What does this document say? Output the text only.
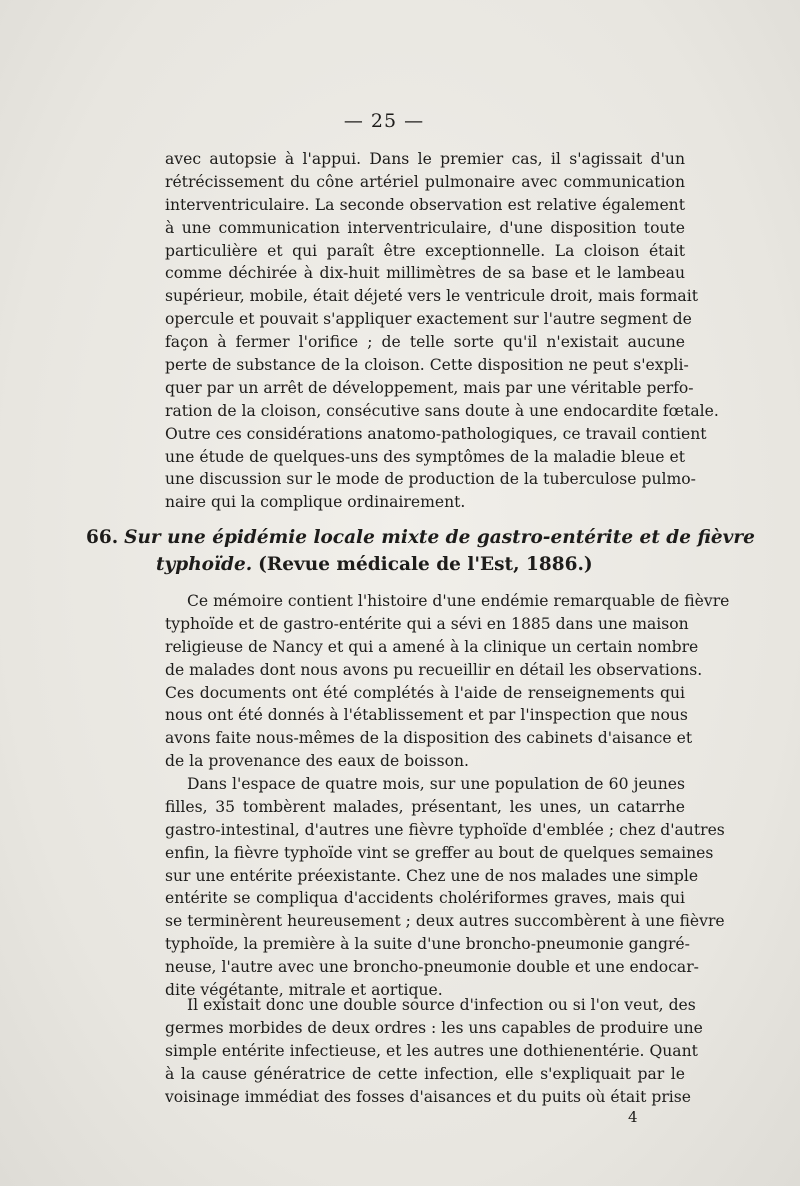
— 25 —
avec autopsie à l'appui. Dans le premier cas, il s'agissait d'un
rétrécissement du cône artériel pulmonaire avec communication
interventriculaire. La seconde observation est relative également
à une communication interventriculaire, d'une disposition toute
particulière et qui paraît être exceptionnelle. La cloison était
comme déchirée à dix-huit millimètres de sa base et le lambeau
supérieur, mobile, était déjeté vers le ventricule droit, mais formait
opercule et pouvait s'appliquer exactement sur l'autre segment de
façon à fermer l'orifice ; de telle sorte qu'il n'existait aucune
perte de substance de la cloison. Cette disposition ne peut s'expli-
quer par un arrêt de développement, mais par une véritable perfo-
ration de la cloison, consécutive sans doute à une endocardite fœtale.
Outre ces considérations anatomo-pathologiques, ce travail contient
une étude de quelques-uns des symptômes de la maladie bleue et
une discussion sur le mode de production de la tuberculose pulmo-
naire qui la complique ordinairement.
66. Sur une épidémie locale mixte de gastro-entérite et de fièvre
typhoïde. (Revue médicale de l'Est, 1886.)
Ce mémoire contient l'histoire d'une endémie remarquable de fièvre
typhoïde et de gastro-entérite qui a sévi en 1885 dans une maison
religieuse de Nancy et qui a amené à la clinique un certain nombre
de malades dont nous avons pu recueillir en détail les observations.
Ces documents ont été complétés à l'aide de renseignements qui
nous ont été donnés à l'établissement et par l'inspection que nous
avons faite nous-mêmes de la disposition des cabinets d'aisance et
de la provenance des eaux de boisson.
Dans l'espace de quatre mois, sur une population de 60 jeunes
filles, 35 tombèrent malades, présentant, les unes, un catarrhe
gastro-intestinal, d'autres une fièvre typhoïde d'emblée ; chez d'autres
enfin, la fièvre typhoïde vint se greffer au bout de quelques semaines
sur une entérite préexistante. Chez une de nos malades une simple
entérite se compliqua d'accidents cholériformes graves, mais qui
se terminèrent heureusement ; deux autres succombèrent à une fièvre
typhoïde, la première à la suite d'une broncho-pneumonie gangré-
neuse, l'autre avec une broncho-pneumonie double et une endocar-
dite végétante, mitrale et aortique.
Il existait donc une double source d'infection ou si l'on veut, des
germes morbides de deux ordres : les uns capables de produire une
simple entérite infectieuse, et les autres une dothienentérie. Quant
à la cause génératrice de cette infection, elle s'expliquait par le
voisinage immédiat des fosses d'aisances et du puits où était prise
4
